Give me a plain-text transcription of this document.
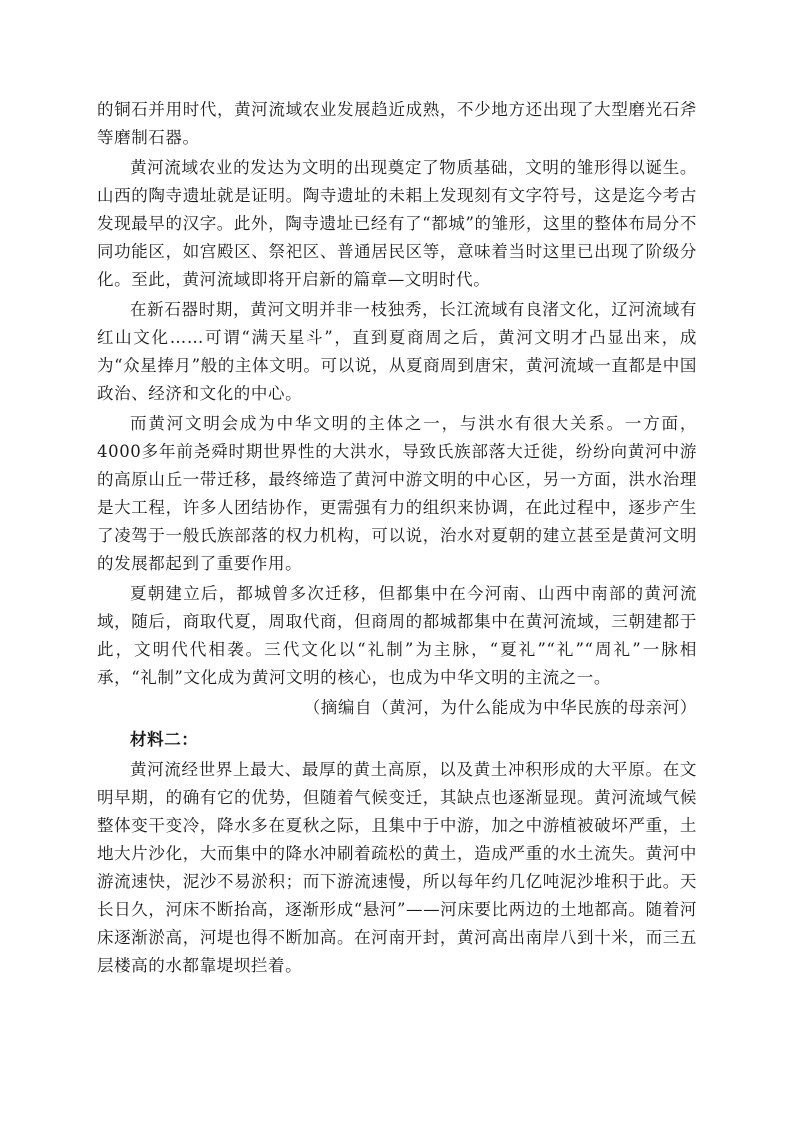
的铜石并用时代，黄河流域农业发展趋近成熟，不少地方还出现了大型磨光石斧等磨制石器。

黄河流域农业的发达为文明的出现奠定了物质基础，文明的雏形得以诞生。山西的陶寺遗址就是证明。陶寺遗址的未耜上发现刻有文字符号，这是迄今考古发现最早的汉字。此外，陶寺遗址已经有了“都城”的雏形，这里的整体布局分不同功能区，如宫殿区、祭祀区、普通居民区等，意味着当时这里已出现了阶级分化。至此，黄河流域即将开启新的篇章—文明时代。

在新石器时期，黄河文明并非一枝独秀，长江流域有良渚文化，辽河流域有红山文化……可谓“满天星斗”，直到夏商周之后，黄河文明才凸显出来，成为“众星捧月”般的主体文明。可以说，从夏商周到唐宋，黄河流域一直都是中国政治、经济和文化的中心。

而黄河文明会成为中华文明的主体之一，与洪水有很大关系。一方面，4000多年前尧舜时期世界性的大洪水，导致氏族部落大迁徙，纷纷向黄河中游的高原山丘一带迁移，最终缔造了黄河中游文明的中心区，另一方面，洪水治理是大工程，许多人团结协作，更需强有力的组织来协调，在此过程中，逐步产生了凌驾于一般氏族部落的权力机构，可以说，治水对夏朝的建立甚至是黄河文明的发展都起到了重要作用。

夏朝建立后，都城曾多次迁移，但都集中在今河南、山西中南部的黄河流域，随后，商取代夏，周取代商，但商周的都城都集中在黄河流域，三朝建都于此，文明代代相袭。三代文化以“礼制”为主脉，“夏礼”“礼”“周礼”一脉相承，“礼制”文化成为黄河文明的核心，也成为中华文明的主流之一。

（摘编自（黄河，为什么能成为中华民族的母亲河）

材料二：

黄河流经世界上最大、最厚的黄土高原，以及黄土冲积形成的大平原。在文明早期，的确有它的优势，但随着气候变迁，其缺点也逐渐显现。黄河流域气候整体变干变冷，降水多在夏秋之际，且集中于中游，加之中游植被破坏严重，土地大片沙化，大而集中的降水冲刷着疏松的黄土，造成严重的水土流失。黄河中游流速快，泥沙不易淤积；而下游流速慢，所以每年约几亿吨泥沙堆积于此。天长日久，河床不断抬高，逐渐形成“悬河”——河床要比两边的土地都高。随着河床逐渐淤高，河堤也得不断加高。在河南开封，黄河高出南岸八到十米，而三五层楼高的水都靠堤坝拦着。
